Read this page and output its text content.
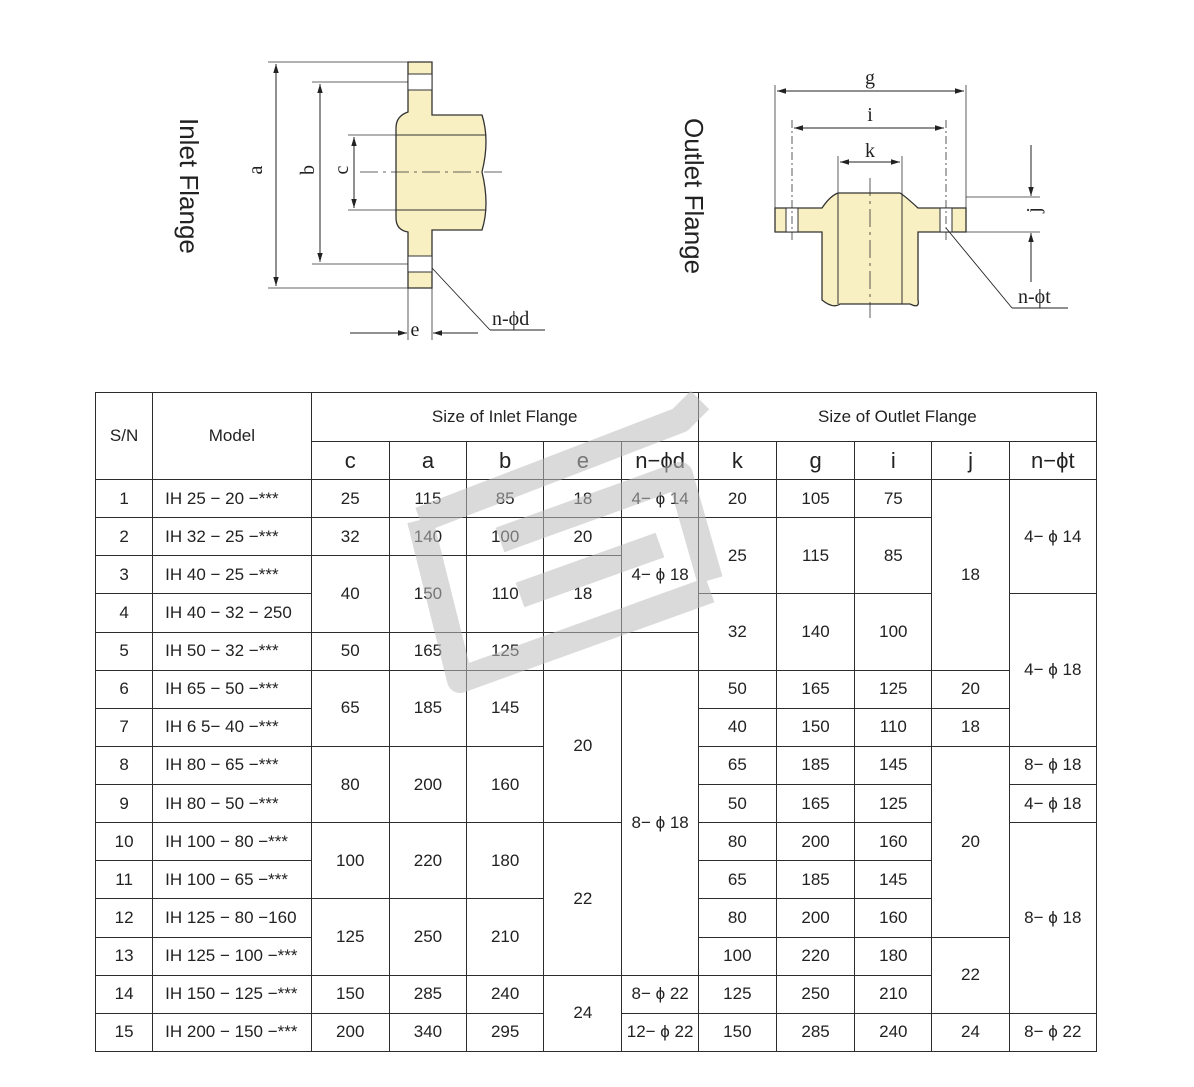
Inlet Flange a b c
e	n-ϕd
Outlet Flange
g
i
k
j
n-ϕt
S/N	Model	Size of Inlet Flange					Size of Outlet Flange				
		c	a	b	e	n−ϕd	k	g	i	j	n−ϕt
1	IH 25 − 20 −***	25	115	85	18	4− ϕ 14	20	105	75	18	4− ϕ 14
2	IH 32 − 25 −***	32	140	100	20	4− ϕ 18	25	115	85		
3	IH 40 − 25 −***	40	150	110	18						
4	IH 40 − 32 − 250						32	140	100		4− ϕ 18
5	IH 50 − 32 −***	50	165	125							
6	IH 65 − 50 −***	65	185	145	20	8− ϕ 18	50	165	125	20	
7	IH 6 5− 40 −***						40	150	110	18	
8	IH 80 − 65 −***	80	200	160			65	185	145	20	8− ϕ 18
9	IH 80 − 50 −***						50	165	125		4− ϕ 18
10	IH 100 − 80 −***	100	220	180	22		80	200	160		8− ϕ 18
11	IH 100 − 65 −***						65	185	145		
12	IH 125 − 80 −160	125	250	210			80	200	160		
13	IH 125 − 100 −***						100	220	180	22	
14	IH 150 − 125 −***	150	285	240	24	8− ϕ 22	125	250	210		
15	IH 200 − 150 −***	200	340	295		12− ϕ 22	150	285	240	24	8− ϕ 22
